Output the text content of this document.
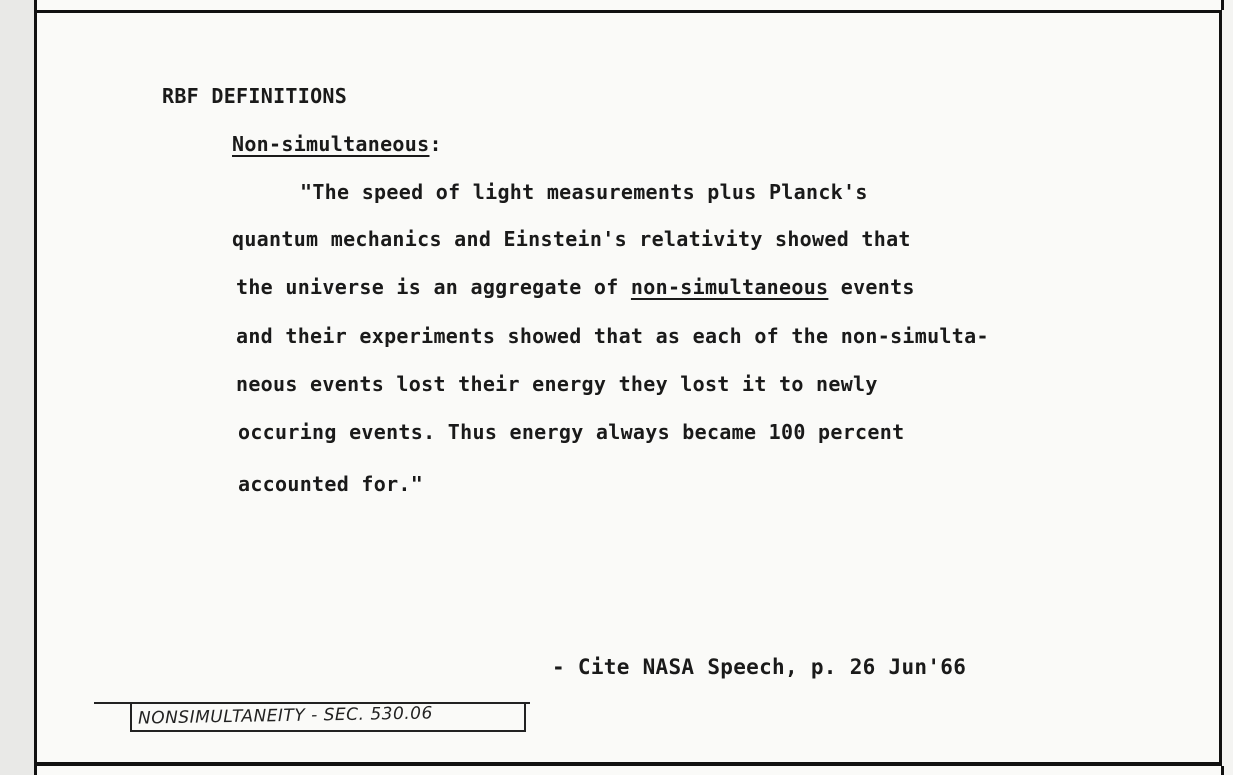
RBF DEFINITIONS
Non-simultaneous:
"The speed of light measurements plus Planck's
quantum mechanics and Einstein's relativity showed that
the universe is an aggregate of non-simultaneous events
and their experiments showed that as each of the non-simulta-
neous events lost their energy they lost it to newly
occuring events. Thus energy always became 100 percent
accounted for."
- Cite NASA Speech, p. 26 Jun'66
NONSIMULTANEITY - SEC. 530.06
